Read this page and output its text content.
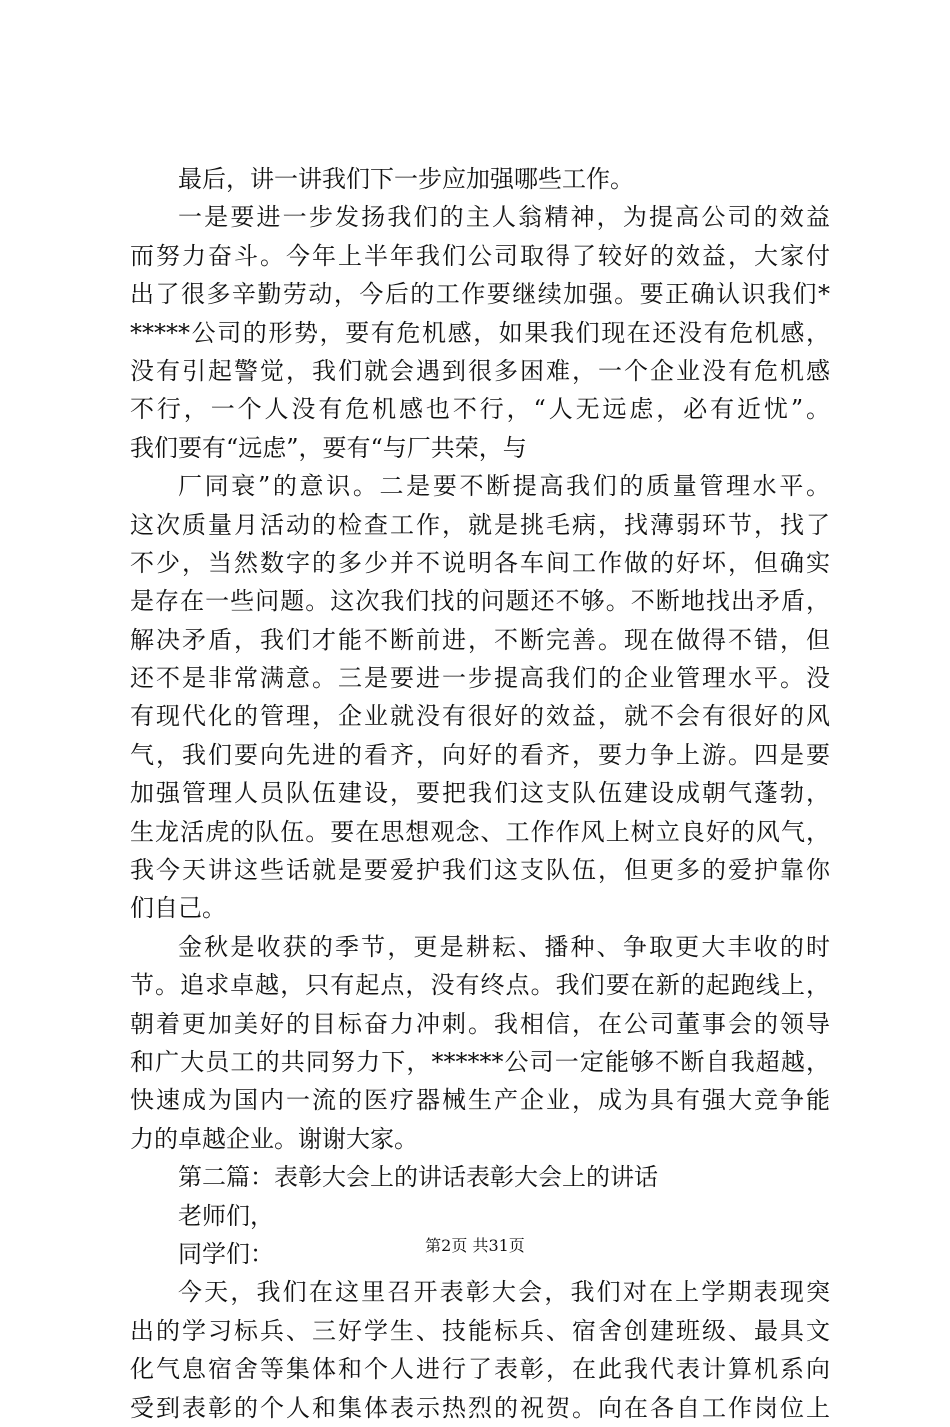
最后，讲一讲我们下一步应加强哪些工作。
一是要进一步发扬我们的主人翁精神，为提高公司的效益
而努力奋斗。今年上半年我们公司取得了较好的效益，大家付
出了很多辛勤劳动，今后的工作要继续加强。要正确认识我们*
*****公司的形势，要有危机感，如果我们现在还没有危机感，
没有引起警觉，我们就会遇到很多困难，一个企业没有危机感
不行，一个人没有危机感也不行，“人无远虑，必有近忧”。
我们要有“远虑”，要有“与厂共荣，与
厂同衰”的意识。二是要不断提高我们的质量管理水平。
这次质量月活动的检查工作，就是挑毛病，找薄弱环节，找了
不少，当然数字的多少并不说明各车间工作做的好坏，但确实
是存在一些问题。这次我们找的问题还不够。不断地找出矛盾，
解决矛盾，我们才能不断前进，不断完善。现在做得不错，但
还不是非常满意。三是要进一步提高我们的企业管理水平。没
有现代化的管理，企业就没有很好的效益，就不会有很好的风
气，我们要向先进的看齐，向好的看齐，要力争上游。四是要
加强管理人员队伍建设，要把我们这支队伍建设成朝气蓬勃，
生龙活虎的队伍。要在思想观念、工作作风上树立良好的风气，
我今天讲这些话就是要爱护我们这支队伍，但更多的爱护靠你
们自己。
金秋是收获的季节，更是耕耘、播种、争取更大丰收的时
节。追求卓越，只有起点，没有终点。我们要在新的起跑线上，
朝着更加美好的目标奋力冲刺。我相信，在公司董事会的领导
和广大员工的共同努力下，******公司一定能够不断自我超越，
快速成为国内一流的医疗器械生产企业，成为具有强大竞争能
力的卓越企业。谢谢大家。
第二篇：表彰大会上的讲话表彰大会上的讲话
老师们，
同学们：
今天，我们在这里召开表彰大会，我们对在上学期表现突
出的学习标兵、三好学生、技能标兵、宿舍创建班级、最具文
化气息宿舍等集体和个人进行了表彰，在此我代表计算机系向
受到表彰的个人和集体表示热烈的祝贺。向在各自工作岗位上
第2页 共31页
